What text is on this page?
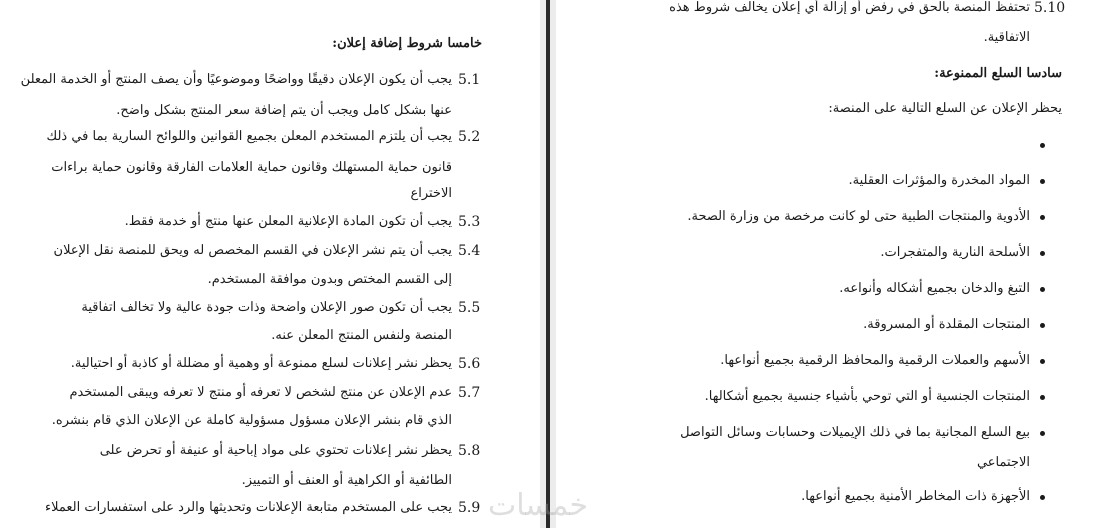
خامسا شروط إضافة إعلان:
5.1
يجب أن يكون الإعلان دقيقًا وواضحًا وموضوعيًا وأن يصف المنتج أو الخدمة المعلن
عنها بشكل كامل ويجب أن يتم إضافة سعر المنتج بشكل واضح.
5.2
يجب أن يلتزم المستخدم المعلن بجميع القوانين واللوائح السارية بما في ذلك
قانون حماية المستهلك وقانون حماية العلامات الفارقة وقانون حماية براءات
الاختراع
5.3
يجب أن تكون المادة الإعلانية المعلن عنها منتج أو خدمة فقط.
5.4
يجب أن يتم نشر الإعلان في القسم المخصص له ويحق للمنصة نقل الإعلان
إلى القسم المختص وبدون موافقة المستخدم.
5.5
يجب أن تكون صور الإعلان واضحة وذات جودة عالية ولا تخالف اتفاقية
المنصة ولنفس المنتج المعلن عنه.
5.6
يحظر نشر إعلانات لسلع ممنوعة أو وهمية أو مضللة أو كاذبة أو احتيالية.
5.7
عدم الإعلان عن منتج لشخص لا تعرفه أو منتج لا تعرفه ويبقى المستخدم
الذي قام بنشر الإعلان مسؤول مسؤولية كاملة عن الإعلان الذي قام بنشره.
5.8
يحظر نشر إعلانات تحتوي على مواد إباحية أو عنيفة أو تحرض على
الطائفية أو الكراهية أو العنف أو التمييز.
5.9
يجب على المستخدم متابعة الإعلانات وتحديثها والرد على استفسارات العملاء
5.10
تحتفظ المنصة بالحق في رفض أو إزالة أي إعلان يخالف شروط هذه
الاتفاقية.
سادسا السلع الممنوعة:
يحظر الإعلان عن السلع التالية على المنصة:
المواد المخدرة والمؤثرات العقلية.
الأدوية والمنتجات الطبية حتى لو كانت مرخصة من وزارة الصحة.
الأسلحة النارية والمتفجرات.
التبغ والدخان بجميع أشكاله وأنواعه.
المنتجات المقلدة أو المسروقة.
الأسهم والعملات الرقمية والمحافظ الرقمية بجميع أنواعها.
المنتجات الجنسية أو التي توحي بأشياء جنسية بجميع أشكالها.
بيع السلع المجانية بما في ذلك الإيميلات وحسابات وسائل التواصل
الاجتماعي
الأجهزة ذات المخاطر الأمنية بجميع أنواعها.
خمسات
